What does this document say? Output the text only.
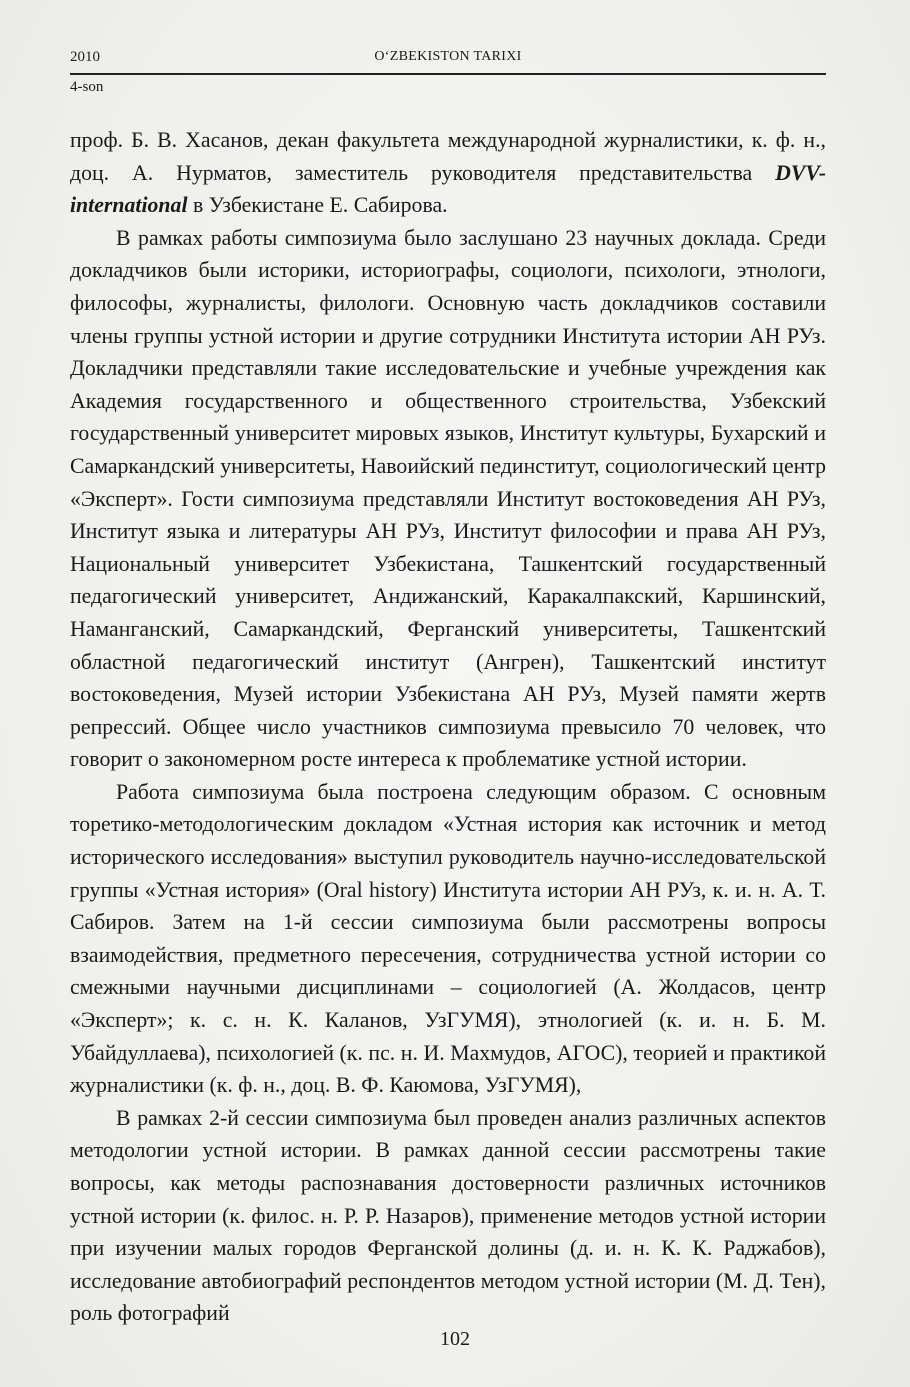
2010	O‘ZBEKISTON TARIXI
4-son

проф. Б. В. Хасанов, декан факультета международной журналистики, к. ф. н., доц. А. Нурматов, заместитель руководителя представительства DVV-international в Узбекистане Е. Сабирова.

В рамках работы симпозиума было заслушано 23 научных доклада. Среди докладчиков были историки, историографы, социологи, психологи, этнологи, философы, журналисты, филологи. Основную часть докладчиков составили члены группы устной истории и другие сотрудники Института истории АН РУз. Докладчики представляли такие исследовательские и учебные учреждения как Академия государственного и общественного строительства, Узбекский государственный университет мировых языков, Институт культуры, Бухарский и Самаркандский университеты, Навоийский пединститут, социологический центр «Эксперт». Гости симпозиума представляли Институт востоковедения АН РУз, Институт языка и литературы АН РУз, Институт философии и права АН РУз, Национальный университет Узбекистана, Ташкентский государственный педагогический университет, Андижанский, Каракалпакский, Каршинский, Наманганский, Самаркандский, Ферганский университеты, Ташкентский областной педагогический институт (Ангрен), Ташкентский институт востоковедения, Музей истории Узбекистана АН РУз, Музей памяти жертв репрессий. Общее число участников симпозиума превысило 70 человек, что говорит о закономерном росте интереса к проблематике устной истории.

Работа симпозиума была построена следующим образом. С основным торетико-методологическим докладом «Устная история как источник и метод исторического исследования» выступил руководитель научно-исследовательской группы «Устная история» (Oral history) Института истории АН РУз, к. и. н. А. Т. Сабиров. Затем на 1-й сессии симпозиума были рассмотрены вопросы взаимодействия, предметного пересечения, сотрудничества устной истории со смежными научными дисциплинами – социологией (А. Жолдасов, центр «Эксперт»; к. с. н. К. Каланов, УзГУМЯ), этнологией (к. и. н. Б. М. Убайдуллаева), психологией (к. пс. н. И. Махмудов, АГОС), теорией и практикой журналистики (к. ф. н., доц. В. Ф. Каюмова, УзГУМЯ),

В рамках 2-й сессии симпозиума был проведен анализ различных аспектов методологии устной истории. В рамках данной сессии рассмотрены такие вопросы, как методы распознавания достоверности различных источников устной истории (к. филос. н. Р. Р. Назаров), применение методов устной истории при изучении малых городов Ферганской долины (д. и. н. К. К. Раджабов), исследование автобиографий респондентов методом устной истории (М. Д. Тен), роль фотографий

102
